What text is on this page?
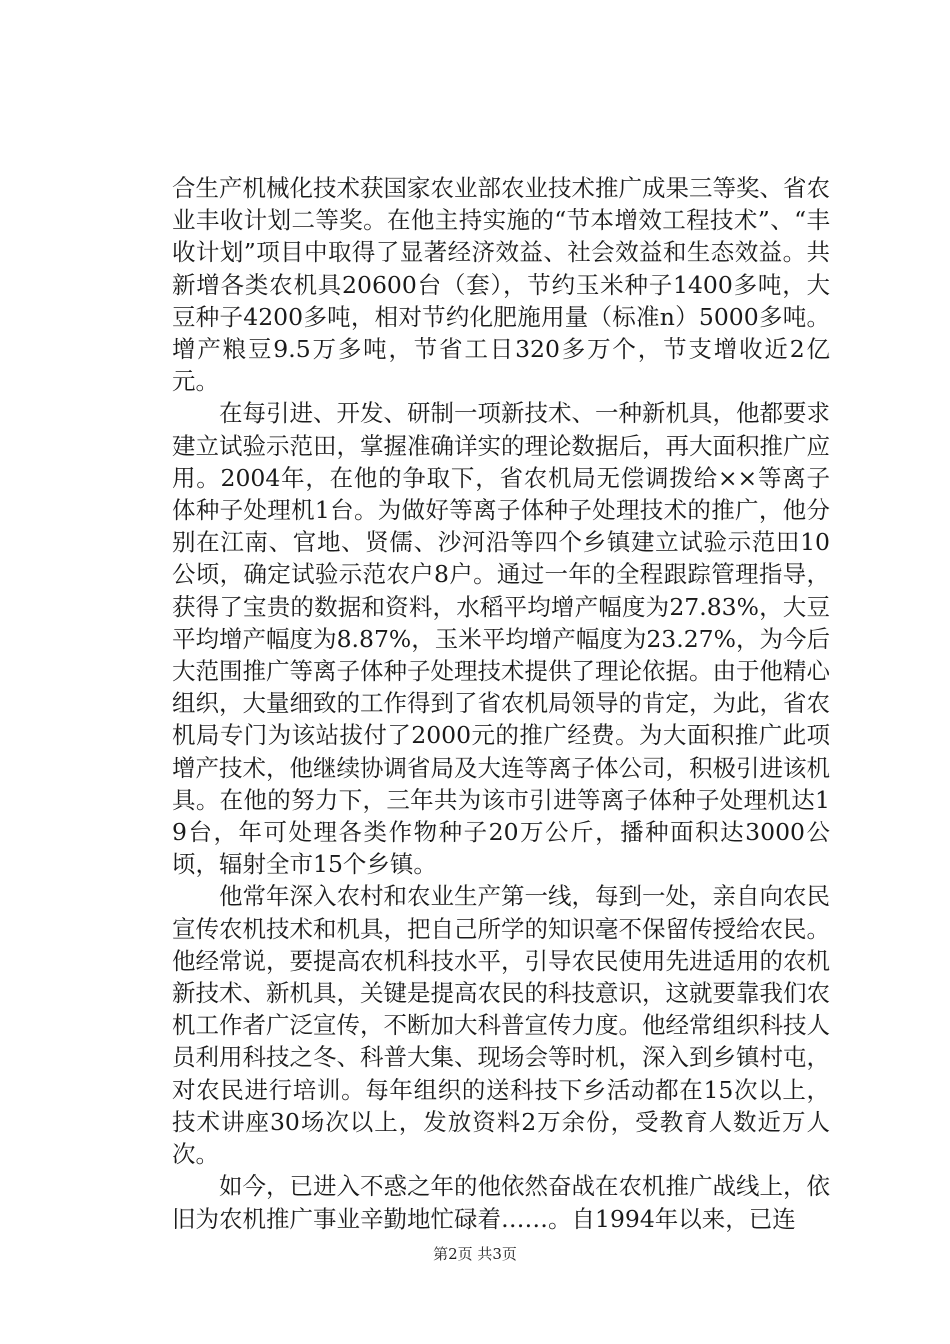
合生产机械化技术获国家农业部农业技术推广成果三等奖、省农业丰收计划二等奖。在他主持实施的“节本增效工程技术”、“丰收计划”项目中取得了显著经济效益、社会效益和生态效益。共新增各类农机具20600台（套），节约玉米种子1400多吨，大豆种子4200多吨，相对节约化肥施用量（标准n）5000多吨。增产粮豆9.5万多吨，节省工日320多万个，节支增收近2亿元。

在每引进、开发、研制一项新技术、一种新机具，他都要求建立试验示范田，掌握准确详实的理论数据后，再大面积推广应用。2004年，在他的争取下，省农机局无偿调拨给××等离子体种子处理机1台。为做好等离子体种子处理技术的推广，他分别在江南、官地、贤儒、沙河沿等四个乡镇建立试验示范田10公顷，确定试验示范农户8户。通过一年的全程跟踪管理指导，获得了宝贵的数据和资料，水稻平均增产幅度为27.83%，大豆平均增产幅度为8.87%，玉米平均增产幅度为23.27%，为今后大范围推广等离子体种子处理技术提供了理论依据。由于他精心组织，大量细致的工作得到了省农机局领导的肯定，为此，省农机局专门为该站拔付了2000元的推广经费。为大面积推广此项增产技术，他继续协调省局及大连等离子体公司，积极引进该机具。在他的努力下，三年共为该市引进等离子体种子处理机达19台，年可处理各类作物种子20万公斤，播种面积达3000公顷，辐射全市15个乡镇。

他常年深入农村和农业生产第一线，每到一处，亲自向农民宣传农机技术和机具，把自己所学的知识毫不保留传授给农民。他经常说，要提高农机科技水平，引导农民使用先进适用的农机新技术、新机具，关键是提高农民的科技意识，这就要靠我们农机工作者广泛宣传，不断加大科普宣传力度。他经常组织科技人员利用科技之冬、科普大集、现场会等时机，深入到乡镇村屯，对农民进行培训。每年组织的送科技下乡活动都在15次以上，技术讲座30场次以上，发放资料2万余份，受教育人数近万人次。

如今，已进入不惑之年的他依然奋战在农机推广战线上，依旧为农机推广事业辛勤地忙碌着……。自1994年以来，已连

第2页 共3页
